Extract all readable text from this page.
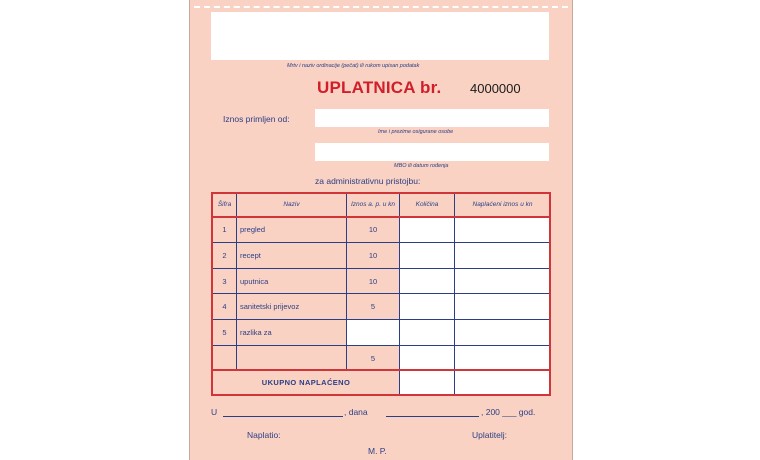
Mrtv i naziv ordinacije (pečat) ili rukom upisan podatak
UPLATNICA br. 4000000
Iznos primljen od:
Ime i prezime osigurane osobe
MBO ili datum rođenja
za administrativnu pristojbu:
Šifra	Naziv	Iznos a. p. u kn	Količina	Naplaćeni iznos u kn
1	pregled	10		
2	recept	10		
3	uputnica	10		
4	sanitetski prijevoz	5		
5	razlika za			
		5		
UKUPNO NAPLAĆENO				
U	, dana	, 200 ___ god.
Naplatio:	Uplatitelj:
M. P.
